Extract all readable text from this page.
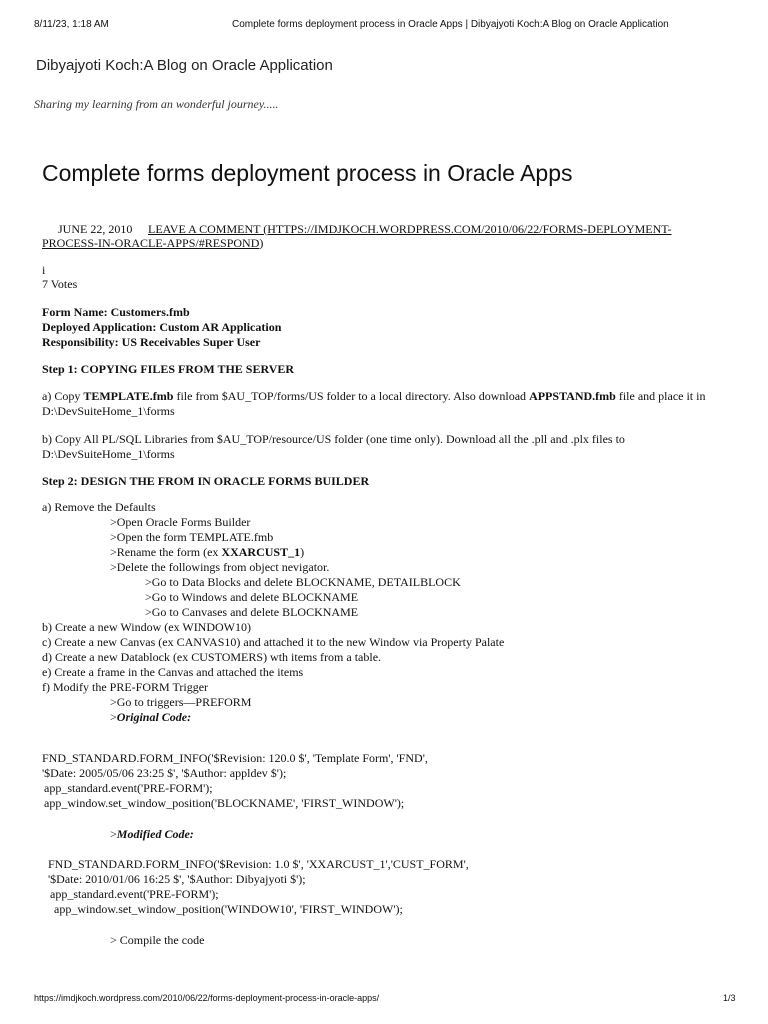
8/11/23, 1:18 AM	Complete forms deployment process in Oracle Apps | Dibyajyoti Koch:A Blog on Oracle Application
Dibyajyoti Koch:A Blog on Oracle Application
Sharing my learning from an wonderful journey.....
Complete forms deployment process in Oracle Apps
JUNE 22, 2010 LEAVE A COMMENT (HTTPS://IMDJKOCH.WORDPRESS.COM/2010/06/22/FORMS-DEPLOYMENT-
PROCESS-IN-ORACLE-APPS/#RESPOND)
i
7 Votes
Form Name: Customers.fmb
Deployed Application: Custom AR Application
Responsibility: US Receivables Super User
Step 1: COPYING FILES FROM THE SERVER
a) Copy TEMPLATE.fmb file from $AU_TOP/forms/US folder to a local directory. Also download APPSTAND.fmb file and place it in
D:\DevSuiteHome_1\forms
b) Copy All PL/SQL Libraries from $AU_TOP/resource/US folder (one time only). Download all the .pll and .plx files to
D:\DevSuiteHome_1\forms
Step 2: DESIGN THE FROM IN ORACLE FORMS BUILDER
a) Remove the Defaults
>Open Oracle Forms Builder
>Open the form TEMPLATE.fmb
>Rename the form (ex XXARCUST_1)
>Delete the followings from object nevigator.
>Go to Data Blocks and delete BLOCKNAME, DETAILBLOCK
>Go to Windows and delete BLOCKNAME
>Go to Canvases and delete BLOCKNAME
b) Create a new Window (ex WINDOW10)
c) Create a new Canvas (ex CANVAS10) and attached it to the new Window via Property Palate
d) Create a new Datablock (ex CUSTOMERS) wth items from a table.
e) Create a frame in the Canvas and attached the items
f) Modify the PRE-FORM Trigger
>Go to triggers—PREFORM
>Original Code:
FND_STANDARD.FORM_INFO('$Revision: 120.0 $', 'Template Form', 'FND',
'$Date: 2005/05/06 23:25 $', '$Author: appldev $');
app_standard.event('PRE-FORM');
app_window.set_window_position('BLOCKNAME', 'FIRST_WINDOW');
>Modified Code:
FND_STANDARD.FORM_INFO('$Revision: 1.0 $', 'XXARCUST_1','CUST_FORM',
'$Date: 2010/01/06 16:25 $', '$Author: Dibyajyoti $');
app_standard.event('PRE-FORM');
app_window.set_window_position('WINDOW10', 'FIRST_WINDOW');
> Compile the code
https://imdjkoch.wordpress.com/2010/06/22/forms-deployment-process-in-oracle-apps/	1/3
